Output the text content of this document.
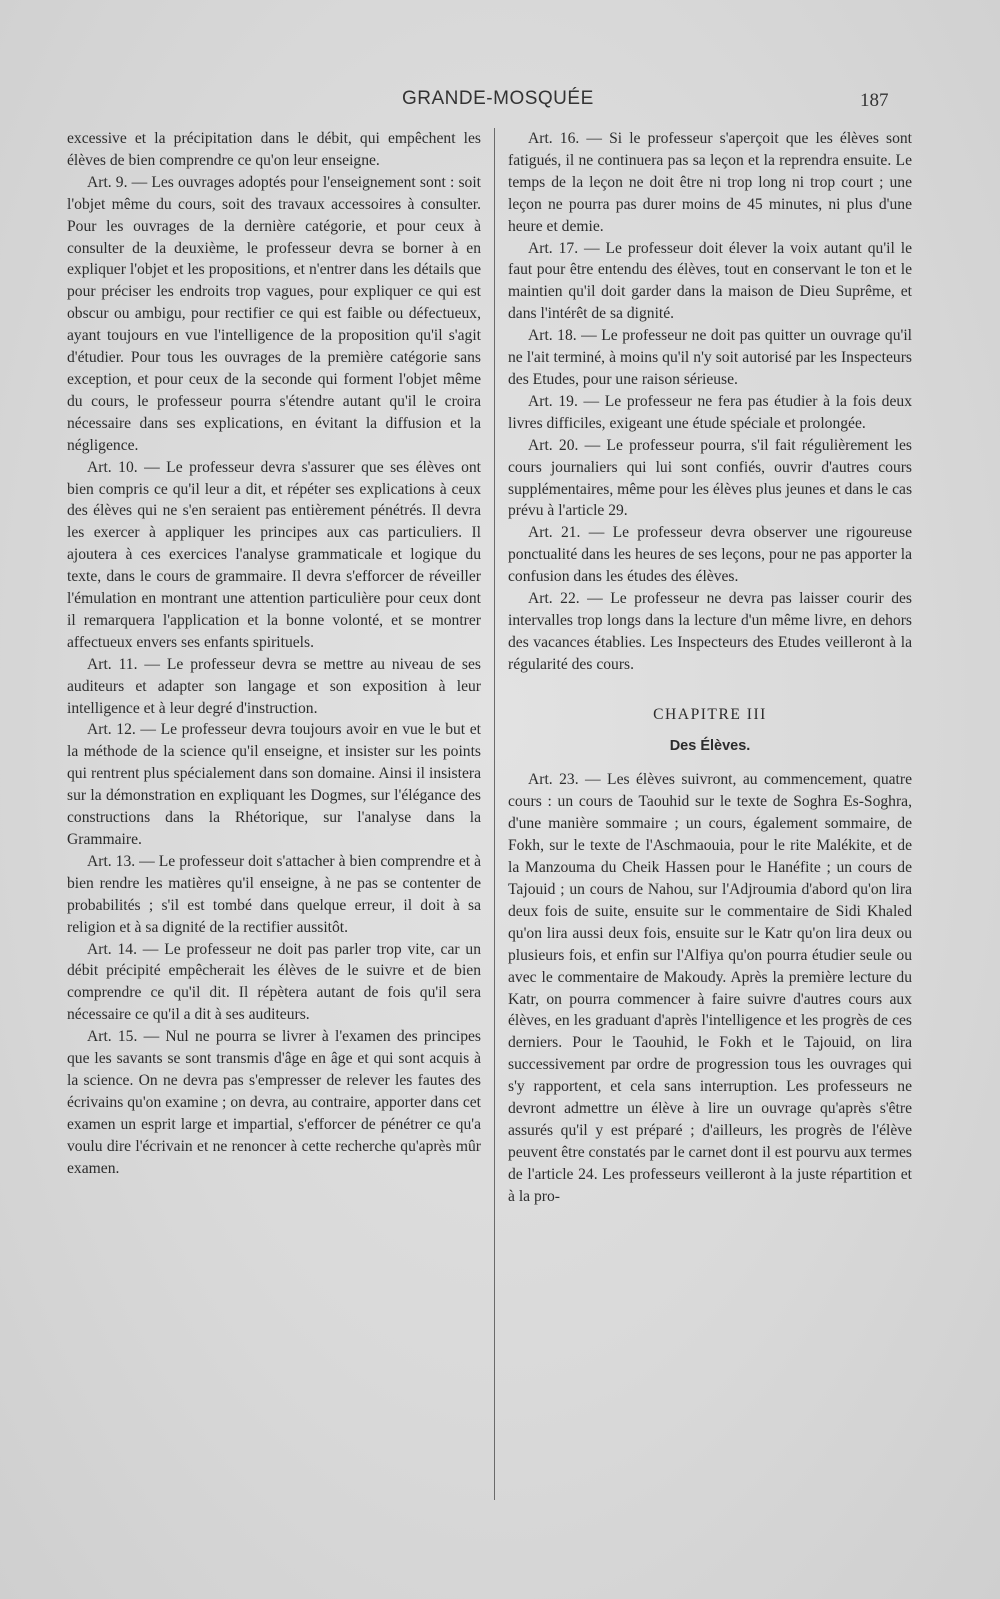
GRANDE-MOSQUÉE	187

excessive et la précipitation dans le débit, qui empêchent les élèves de bien comprendre ce qu'on leur enseigne.

Art. 9. — Les ouvrages adoptés pour l'enseignement sont : soit l'objet même du cours, soit des travaux accessoires à consulter. Pour les ouvrages de la dernière catégorie, et pour ceux à consulter de la deuxième, le professeur devra se borner à en expliquer l'objet et les propositions, et n'entrer dans les détails que pour préciser les endroits trop vagues, pour expliquer ce qui est obscur ou ambigu, pour rectifier ce qui est faible ou défectueux, ayant toujours en vue l'intelligence de la proposition qu'il s'agit d'étudier. Pour tous les ouvrages de la première catégorie sans exception, et pour ceux de la seconde qui forment l'objet même du cours, le professeur pourra s'étendre autant qu'il le croira nécessaire dans ses explications, en évitant la diffusion et la négligence.

Art. 10. — Le professeur devra s'assurer que ses élèves ont bien compris ce qu'il leur a dit, et répéter ses explications à ceux des élèves qui ne s'en seraient pas entièrement pénétrés. Il devra les exercer à appliquer les principes aux cas particuliers. Il ajoutera à ces exercices l'analyse grammaticale et logique du texte, dans le cours de grammaire. Il devra s'efforcer de réveiller l'émulation en montrant une attention particulière pour ceux dont il remarquera l'application et la bonne volonté, et se montrer affectueux envers ses enfants spirituels.

Art. 11. — Le professeur devra se mettre au niveau de ses auditeurs et adapter son langage et son exposition à leur intelligence et à leur degré d'instruction.

Art. 12. — Le professeur devra toujours avoir en vue le but et la méthode de la science qu'il enseigne, et insister sur les points qui rentrent plus spécialement dans son domaine. Ainsi il insistera sur la démonstration en expliquant les Dogmes, sur l'élégance des constructions dans la Rhétorique, sur l'analyse dans la Grammaire.

Art. 13. — Le professeur doit s'attacher à bien comprendre et à bien rendre les matières qu'il enseigne, à ne pas se contenter de probabilités ; s'il est tombé dans quelque erreur, il doit à sa religion et à sa dignité de la rectifier aussitôt.

Art. 14. — Le professeur ne doit pas parler trop vite, car un débit précipité empêcherait les élèves de le suivre et de bien comprendre ce qu'il dit. Il répètera autant de fois qu'il sera nécessaire ce qu'il a dit à ses auditeurs.

Art. 15. — Nul ne pourra se livrer à l'examen des principes que les savants se sont transmis d'âge en âge et qui sont acquis à la science. On ne devra pas s'empresser de relever les fautes des écrivains qu'on examine ; on devra, au contraire, apporter dans cet examen un esprit large et impartial, s'efforcer de pénétrer ce qu'a voulu dire l'écrivain et ne renoncer à cette recherche qu'après mûr examen.

Art. 16. — Si le professeur s'aperçoit que les élèves sont fatigués, il ne continuera pas sa leçon et la reprendra ensuite. Le temps de la leçon ne doit être ni trop long ni trop court ; une leçon ne pourra pas durer moins de 45 minutes, ni plus d'une heure et demie.

Art. 17. — Le professeur doit élever la voix autant qu'il le faut pour être entendu des élèves, tout en conservant le ton et le maintien qu'il doit garder dans la maison de Dieu Suprême, et dans l'intérêt de sa dignité.

Art. 18. — Le professeur ne doit pas quitter un ouvrage qu'il ne l'ait terminé, à moins qu'il n'y soit autorisé par les Inspecteurs des Etudes, pour une raison sérieuse.

Art. 19. — Le professeur ne fera pas étudier à la fois deux livres difficiles, exigeant une étude spéciale et prolongée.

Art. 20. — Le professeur pourra, s'il fait régulièrement les cours journaliers qui lui sont confiés, ouvrir d'autres cours supplémentaires, même pour les élèves plus jeunes et dans le cas prévu à l'article 29.

Art. 21. — Le professeur devra observer une rigoureuse ponctualité dans les heures de ses leçons, pour ne pas apporter la confusion dans les études des élèves.

Art. 22. — Le professeur ne devra pas laisser courir des intervalles trop longs dans la lecture d'un même livre, en dehors des vacances établies. Les Inspecteurs des Etudes veilleront à la régularité des cours.

CHAPITRE III

Des Élèves.

Art. 23. — Les élèves suivront, au commencement, quatre cours : un cours de Taouhid sur le texte de Soghra Es-Soghra, d'une manière sommaire ; un cours, également sommaire, de Fokh, sur le texte de l'Aschmaouia, pour le rite Malékite, et de la Manzouma du Cheik Hassen pour le Hanéfite ; un cours de Tajouid ; un cours de Nahou, sur l'Adjroumia d'abord qu'on lira deux fois de suite, ensuite sur le commentaire de Sidi Khaled qu'on lira aussi deux fois, ensuite sur le Katr qu'on lira deux ou plusieurs fois, et enfin sur l'Alfiya qu'on pourra étudier seule ou avec le commentaire de Makoudy. Après la première lecture du Katr, on pourra commencer à faire suivre d'autres cours aux élèves, en les graduant d'après l'intelligence et les progrès de ces derniers. Pour le Taouhid, le Fokh et le Tajouid, on lira successivement par ordre de progression tous les ouvrages qui s'y rapportent, et cela sans interruption. Les professeurs ne devront admettre un élève à lire un ouvrage qu'après s'être assurés qu'il y est préparé ; d'ailleurs, les progrès de l'élève peuvent être constatés par le carnet dont il est pourvu aux termes de l'article 24. Les professeurs veilleront à la juste répartition et à la pro-
